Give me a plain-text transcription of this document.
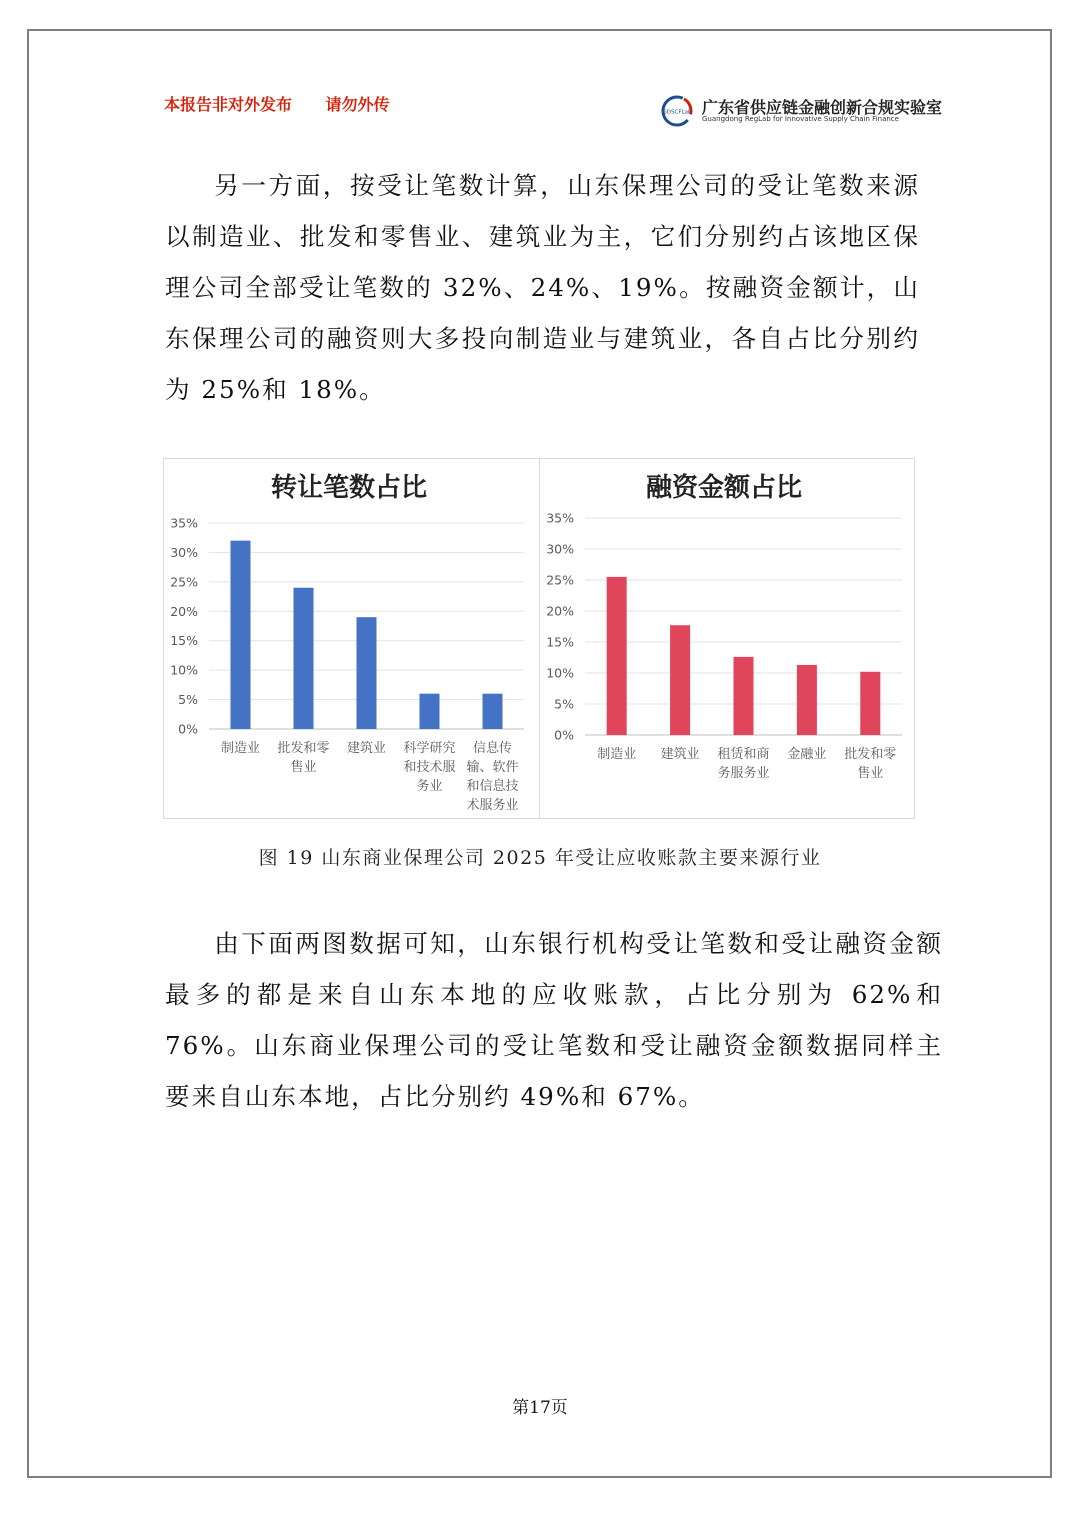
本报告非对外发布 请勿外传	GDSCFLab 广东省供应链金融创新合规实验室
Guangdong RegLab for Innovative Supply Chain Finance

另一方面，按受让笔数计算，山东保理公司的受让笔数来源以制造业、批发和零售业、建筑业为主，它们分别约占该地区保理公司全部受让笔数的 32%、24%、19%。按融资金额计，山东保理公司的融资则大多投向制造业与建筑业，各自占比分别约为 25%和 18%。

转让笔数占比
0%
5%
10%
15%
20%
25%
30%
35%
制造业 批发和零售业
建筑业 科学研究和技术服务业
信息传输、软件和信息技术服务业
融资金额占比
0%
5%
10%
15%
20%
25%
30%
35%
制造业 建筑业 租赁和商务服务业
金融业 批发和零售业
图 19 山东商业保理公司 2025 年受让应收账款主要来源行业

由下面两图数据可知，山东银行机构受让笔数和受让融资金额最多的都是来自山东本地的应收账款，占比分别为 62%和 76%。山东商业保理公司的受让笔数和受让融资金额数据同样主要来自山东本地，占比分别约 49%和 67%。

第17页
